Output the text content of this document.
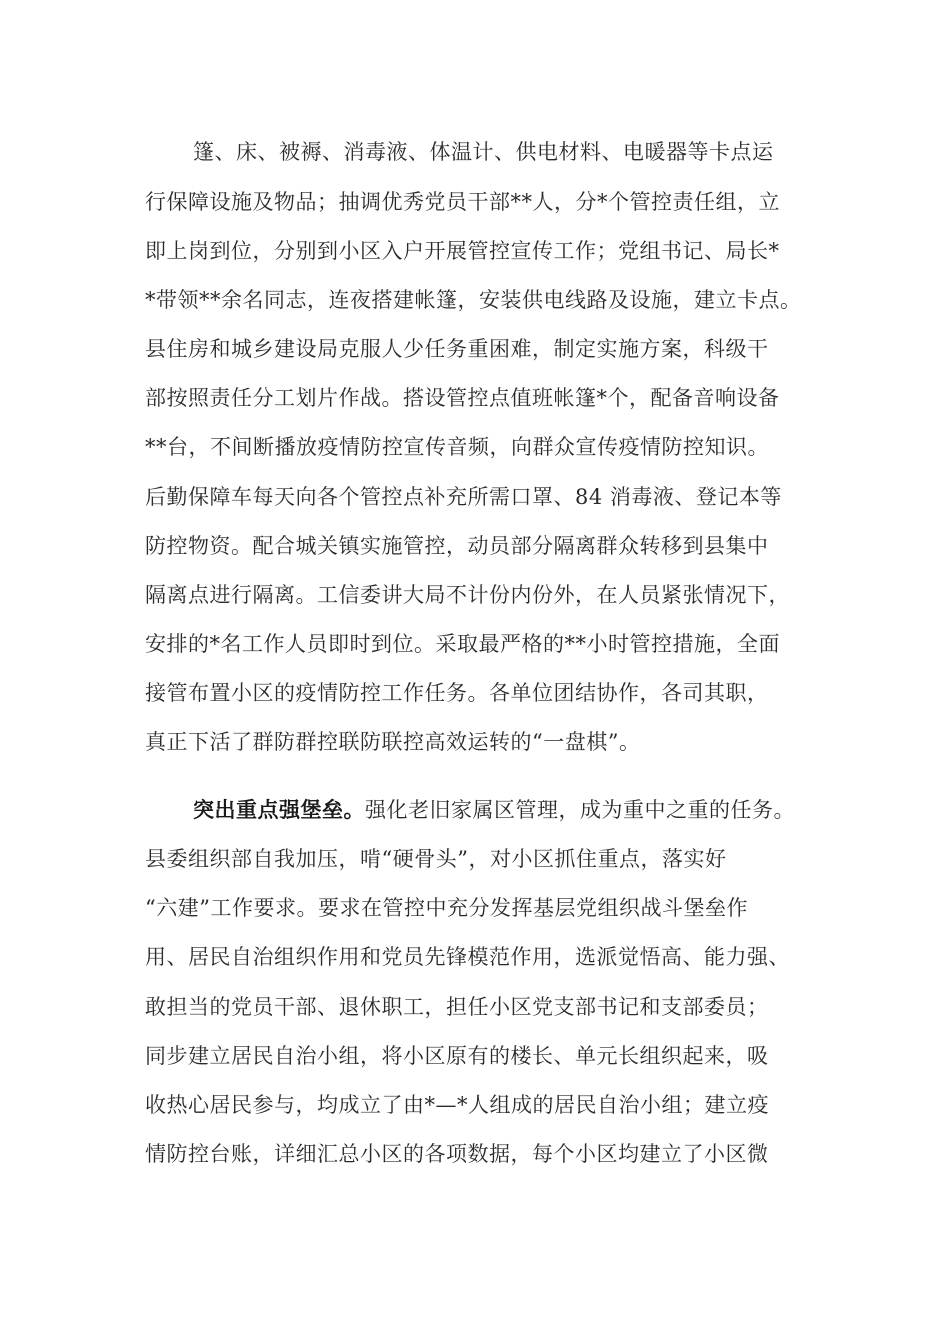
篷、床、被褥、消毒液、体温计、供电材料、电暖器等卡点运
行保障设施及物品；抽调优秀党员干部**人，分*个管控责任组，立
即上岗到位，分别到小区入户开展管控宣传工作；党组书记、局长*
*带领**余名同志，连夜搭建帐篷，安装供电线路及设施，建立卡点。
县住房和城乡建设局克服人少任务重困难，制定实施方案，科级干
部按照责任分工划片作战。搭设管控点值班帐篷*个，配备音响设备
**台，不间断播放疫情防控宣传音频，向群众宣传疫情防控知识。
后勤保障车每天向各个管控点补充所需口罩、84 消毒液、登记本等
防控物资。配合城关镇实施管控，动员部分隔离群众转移到县集中
隔离点进行隔离。工信委讲大局不计份内份外，在人员紧张情况下，
安排的*名工作人员即时到位。采取最严格的**小时管控措施，全面
接管布置小区的疫情防控工作任务。各单位团结协作，各司其职，
真正下活了群防群控联防联控高效运转的“一盘棋”。
突出重点强堡垒。强化老旧家属区管理，成为重中之重的任务。
县委组织部自我加压，啃“硬骨头”，对小区抓住重点，落实好
“六建”工作要求。要求在管控中充分发挥基层党组织战斗堡垒作
用、居民自治组织作用和党员先锋模范作用，选派觉悟高、能力强、
敢担当的党员干部、退休职工，担任小区党支部书记和支部委员；
同步建立居民自治小组，将小区原有的楼长、单元长组织起来，吸
收热心居民参与，均成立了由*—*人组成的居民自治小组；建立疫
情防控台账，详细汇总小区的各项数据，每个小区均建立了小区微
